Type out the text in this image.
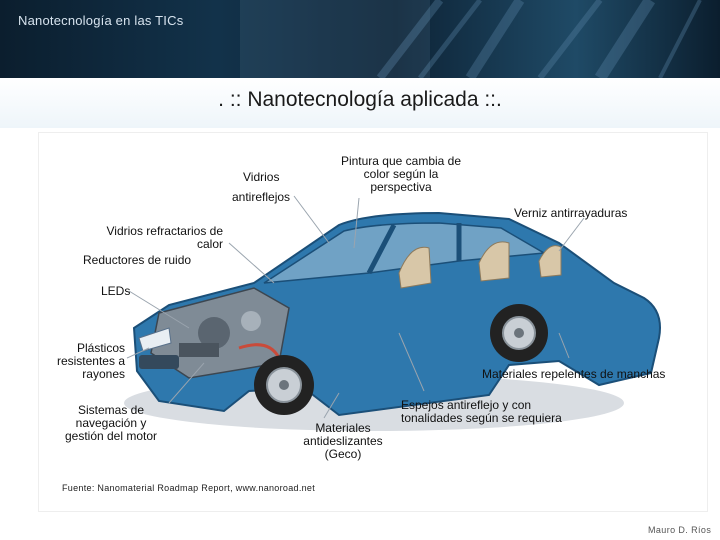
Nanotecnología en las TICs
. :: Nanotecnología aplicada ::.
Vidrios
antireflejos
Pintura que cambia de
color según la
perspectiva
Verniz antirrayaduras
Vidrios refractarios de
calor
Reductores de ruido
LEDs
Plásticos
resistentes a
rayones	Materiales repelentes de manchas
Sistemas de
navegación y
gestión del motor
Espejos antireflejo y con
tonalidades según se requiera
Materiales
antideslizantes
(Geco)
Fuente: Nanomaterial Roadmap Report, www.nanoroad.net
Mauro D. Ríos
